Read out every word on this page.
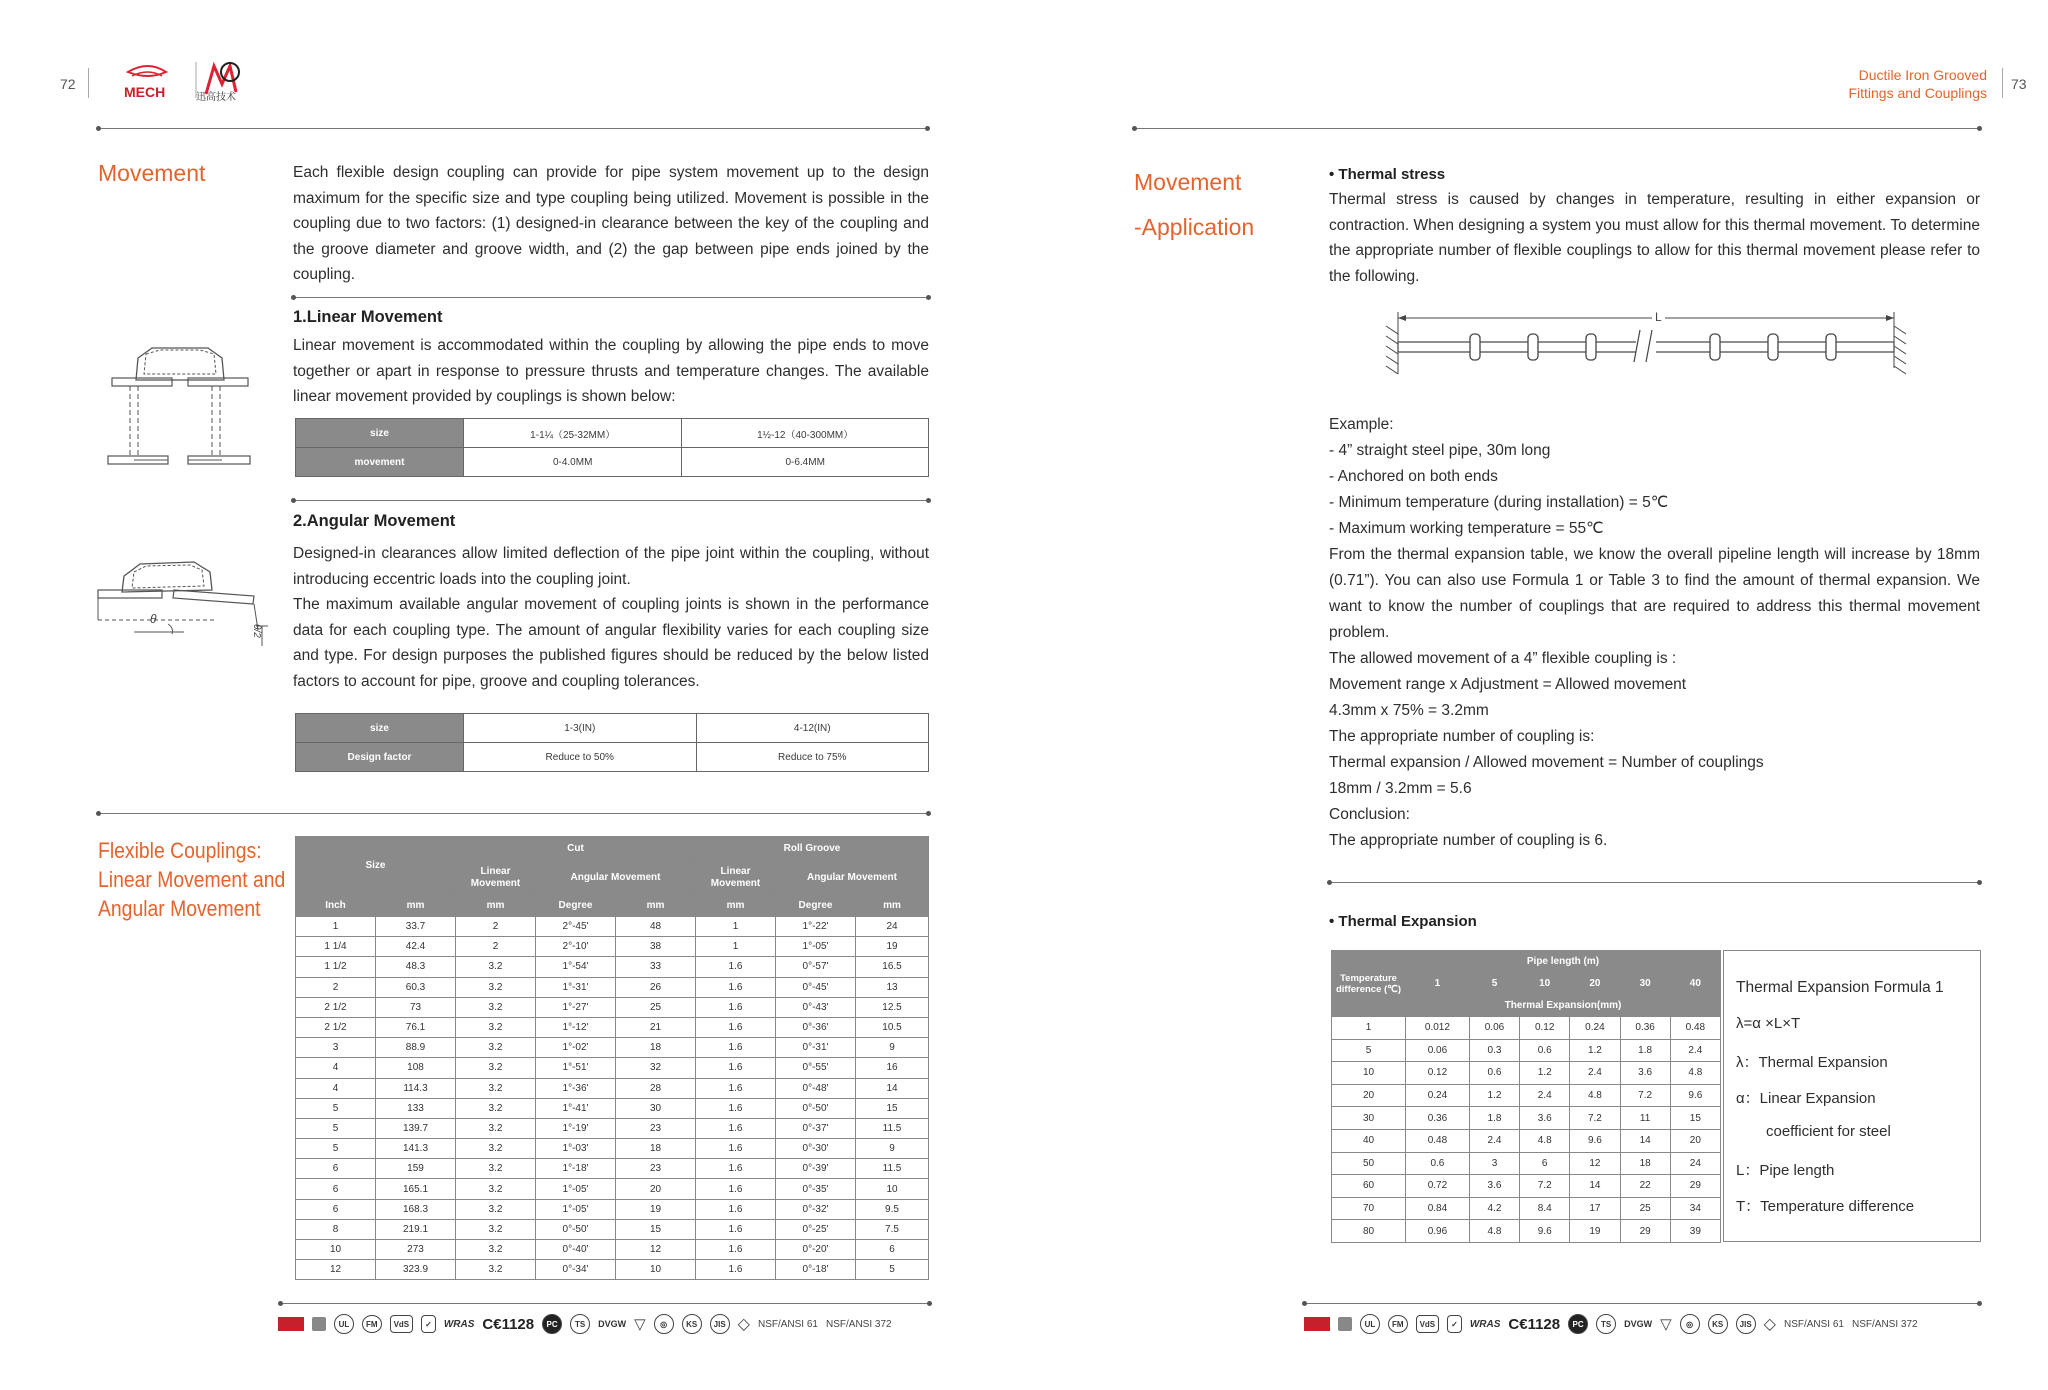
72	MECH	迅高技术
Movement	Each flexible design coupling can provide for pipe system movement up to the design maximum for the specific size and type coupling being utilized. Movement is possible in the coupling due to two factors: (1) designed-in clearance between the key of the coupling and the groove diameter and groove width, and (2) the gap between pipe ends joined by the coupling.
1.Linear Movement
Linear movement is accommodated within the coupling by allowing the pipe ends to move together or apart in response to pressure thrusts and temperature changes. The available linear movement provided by couplings is shown below:
size	1-1¼（25-32MM）	1½-12（40-300MM）
movement	0-4.0MM	0-6.4MM
2.Angular Movement
Designed-in clearances allow limited deflection of the pipe joint within the coupling, without introducing eccentric loads into the coupling joint.
The maximum available angular movement of coupling joints is shown in the performance data for each coupling type. The amount of angular flexibility varies for each coupling size and type. For design purposes the published figures should be reduced by the below listed factors to account for pipe, groove and coupling tolerances.
θ
θ/2
size	1-3(IN)	4-12(IN)
Design factor	Reduce to 50%	Reduce to 75%
Flexible Couplings:
Linear Movement and
Angular Movement
Size		Cut			Roll Groove		
		Linear Movement	Angular Movement		Linear Movement	Angular Movement	
Inch	mm	mm	Degree	mm	mm	Degree	mm
1	33.7	2	2°-45'	48	1	1°-22'	24
1 1/4	42.4	2	2°-10'	38	1	1°-05'	19
1 1/2	48.3	3.2	1°-54'	33	1.6	0°-57'	16.5
2	60.3	3.2	1°-31'	26	1.6	0°-45'	13
2 1/2	73	3.2	1°-27'	25	1.6	0°-43'	12.5
2 1/2	76.1	3.2	1°-12'	21	1.6	0°-36'	10.5
3	88.9	3.2	1°-02'	18	1.6	0°-31'	9
4	108	3.2	1°-51'	32	1.6	0°-55'	16
4	114.3	3.2	1°-36'	28	1.6	0°-48'	14
5	133	3.2	1°-41'	30	1.6	0°-50'	15
5	139.7	3.2	1°-19'	23	1.6	0°-37'	11.5
5	141.3	3.2	1°-03'	18	1.6	0°-30'	9
6	159	3.2	1°-18'	23	1.6	0°-39'	11.5
6	165.1	3.2	1°-05'	20	1.6	0°-35'	10
6	168.3	3.2	1°-05'	19	1.6	0°-32'	9.5
8	219.1	3.2	0°-50'	15	1.6	0°-25'	7.5
10	273	3.2	0°-40'	12	1.6	0°-20'	6
12	323.9	3.2	0°-34'	10	1.6	0°-18'	5
UL	FM	VdS	✓	WRAS C€1128	PC	TS	DVGW ▽	◎	KS	JIS ◇ NSF/ANSI 61 NSF/ANSI 372
Ductile Iron Grooved
Fittings and Couplings
73
Movement
-Application
• Thermal stress
Thermal stress is caused by changes in temperature, resulting in either expansion or contraction. When designing a system you must allow for this thermal movement. To determine the appropriate number of flexible couplings to allow for this thermal movement please refer to the following.
L
Example:
- 4” straight steel pipe, 30m long
- Anchored on both ends
- Minimum temperature (during installation) = 5℃
- Maximum working temperature = 55℃
From the thermal expansion table, we know the overall pipeline length will increase by 18mm (0.71”). You can also use Formula 1 or Table 3 to find the amount of thermal expansion. We want to know the number of couplings that are required to address this thermal movement problem.
The allowed movement of a 4” flexible coupling is :
Movement range x Adjustment = Allowed movement
4.3mm x 75% = 3.2mm
The appropriate number of coupling is:
Thermal expansion / Allowed movement = Number of couplings
18mm / 3.2mm = 5.6
Conclusion:
The appropriate number of coupling is 6.
• Thermal Expansion
Temperature difference (℃)	Pipe length (m)					
	1	5	10	20	30	40
	Thermal Expansion(mm)					
1	0.012	0.06	0.12	0.24	0.36	0.48
5	0.06	0.3	0.6	1.2	1.8	2.4
10	0.12	0.6	1.2	2.4	3.6	4.8
20	0.24	1.2	2.4	4.8	7.2	9.6
30	0.36	1.8	3.6	7.2	11	15
40	0.48	2.4	4.8	9.6	14	20
50	0.6	3	6	12	18	24
60	0.72	3.6	7.2	14	22	29
70	0.84	4.2	8.4	17	25	34
80	0.96	4.8	9.6	19	29	39
Thermal Expansion Formula 1
λ=α ×L×T
λ：Thermal Expansion
α：Linear Expansion
coefficient for steel
L：Pipe length
T：Temperature difference
UL	FM	VdS	✓	WRAS C€1128	PC	TS	DVGW ▽	◎	KS	JIS ◇ NSF/ANSI 61 NSF/ANSI 372
